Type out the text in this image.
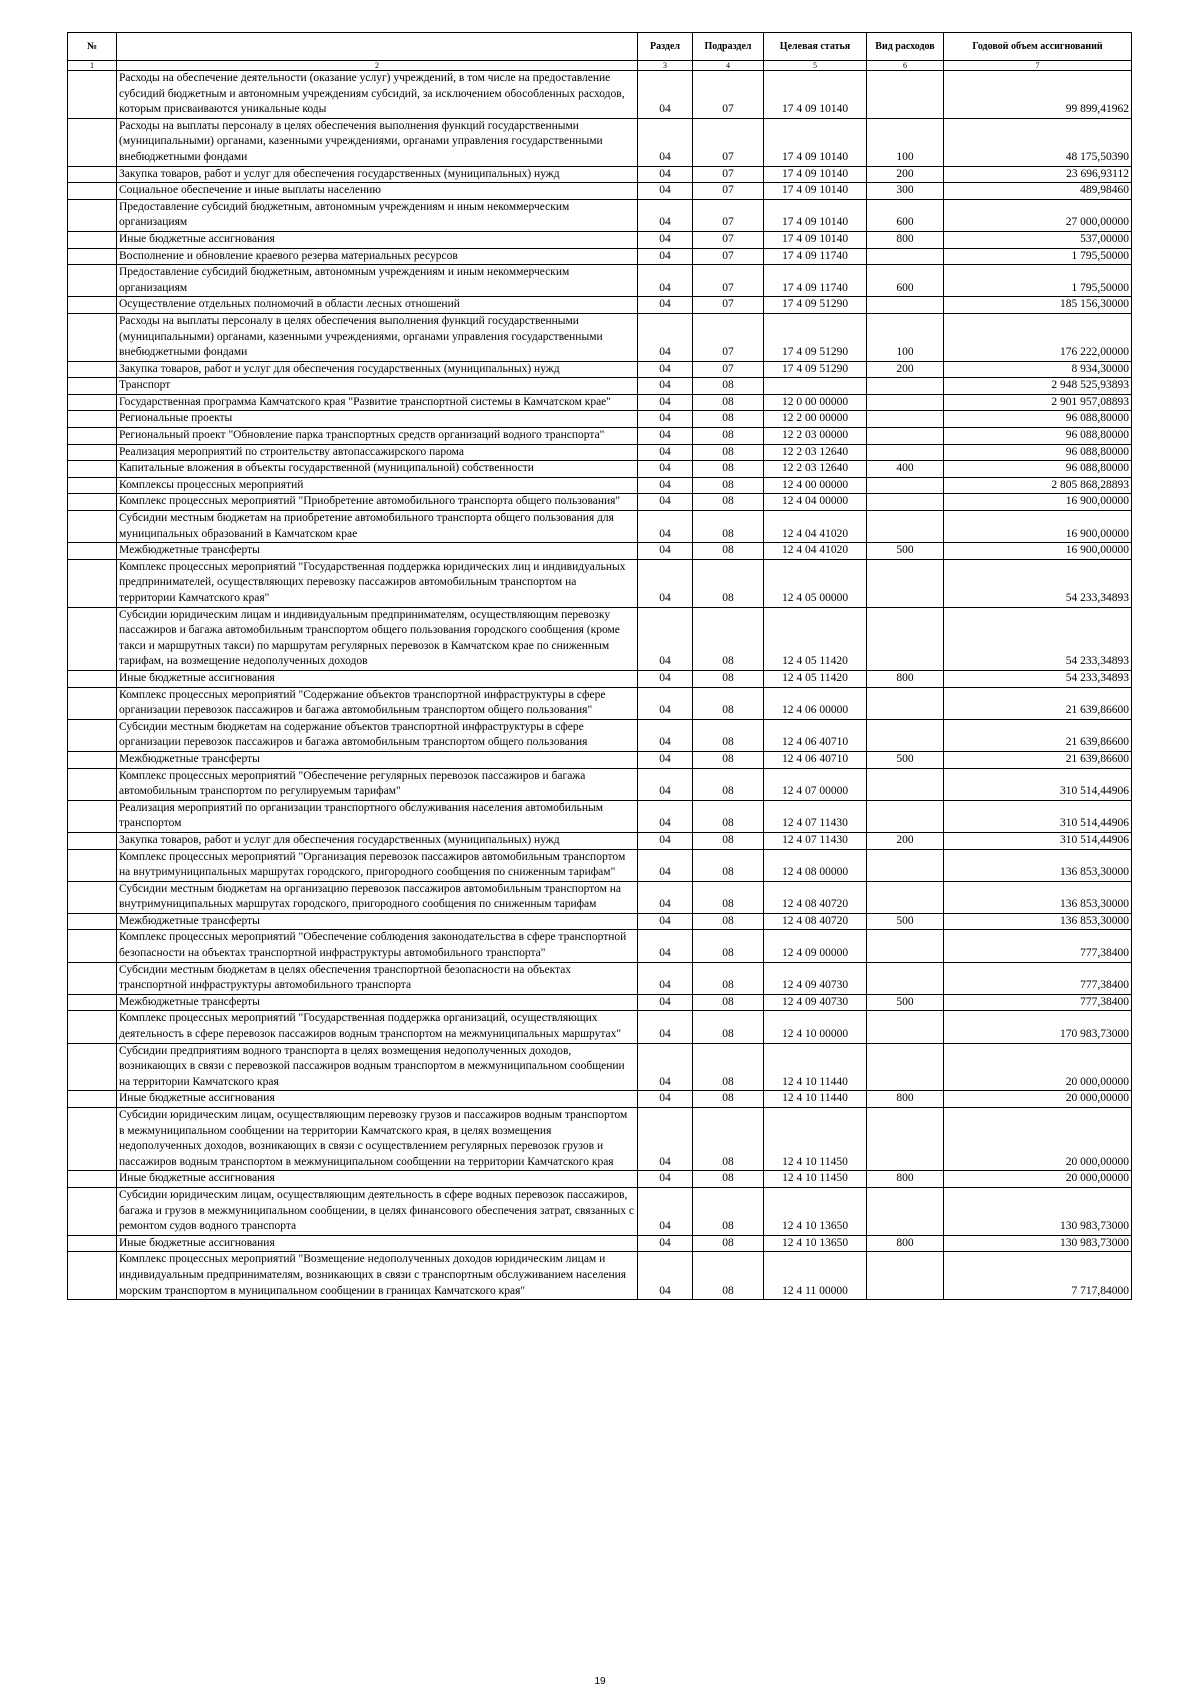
№		Раздел	Подраздел	Целевая статья	Вид расходов	Годовой объем ассигнований
1	2	3	4	5	6	7
	Расходы на обеспечение деятельности (оказание услуг) учреждений, в том числе на предоставление субсидий бюджетным и автономным учреждениям субсидий, за исключением обособленных расходов, которым присваиваются уникальные коды	04	07	17 4 09 10140		99 899,41962
	Расходы на выплаты персоналу в целях обеспечения выполнения функций государственными (муниципальными) органами, казенными учреждениями, органами управления государственными внебюджетными фондами	04	07	17 4 09 10140	100	48 175,50390
	Закупка товаров, работ и услуг для обеспечения государственных (муниципальных) нужд	04	07	17 4 09 10140	200	23 696,93112
	Социальное обеспечение и иные выплаты населению	04	07	17 4 09 10140	300	489,98460
	Предоставление субсидий бюджетным, автономным учреждениям и иным некоммерческим организациям	04	07	17 4 09 10140	600	27 000,00000
	Иные бюджетные ассигнования	04	07	17 4 09 10140	800	537,00000
	Восполнение и обновление краевого резерва материальных ресурсов	04	07	17 4 09 11740		1 795,50000
	Предоставление субсидий бюджетным, автономным учреждениям и иным некоммерческим организациям	04	07	17 4 09 11740	600	1 795,50000
	Осуществление отдельных полномочий в области лесных отношений	04	07	17 4 09 51290		185 156,30000
	Расходы на выплаты персоналу в целях обеспечения выполнения функций государственными (муниципальными) органами, казенными учреждениями, органами управления государственными внебюджетными фондами	04	07	17 4 09 51290	100	176 222,00000
	Закупка товаров, работ и услуг для обеспечения государственных (муниципальных) нужд	04	07	17 4 09 51290	200	8 934,30000
	Транспорт	04	08			2 948 525,93893
	Государственная программа Камчатского края "Развитие транспортной системы в Камчатском крае"	04	08	12 0 00 00000		2 901 957,08893
	Региональные проекты	04	08	12 2 00 00000		96 088,80000
	Региональный проект "Обновление парка транспортных средств организаций водного транспорта"	04	08	12 2 03 00000		96 088,80000
	Реализация мероприятий по строительству автопассажирского парома	04	08	12 2 03 12640		96 088,80000
	Капитальные вложения в объекты государственной (муниципальной) собственности	04	08	12 2 03 12640	400	96 088,80000
	Комплексы процессных мероприятий	04	08	12 4 00 00000		2 805 868,28893
	Комплекс процессных мероприятий "Приобретение автомобильного транспорта общего пользования"	04	08	12 4 04 00000		16 900,00000
	Субсидии местным бюджетам на приобретение автомобильного транспорта общего пользования для муниципальных образований в Камчатском крае	04	08	12 4 04 41020		16 900,00000
	Межбюджетные трансферты	04	08	12 4 04 41020	500	16 900,00000
	Комплекс процессных мероприятий "Государственная поддержка юридических лиц и индивидуальных предпринимателей, осуществляющих перевозку пассажиров автомобильным транспортом на территории Камчатского края"	04	08	12 4 05 00000		54 233,34893
	Субсидии юридическим лицам и индивидуальным предпринимателям, осуществляющим перевозку пассажиров и багажа автомобильным транспортом общего пользования городского сообщения (кроме такси и маршрутных такси) по маршрутам регулярных перевозок в Камчатском крае по сниженным тарифам, на возмещение недополученных доходов	04	08	12 4 05 11420		54 233,34893
	Иные бюджетные ассигнования	04	08	12 4 05 11420	800	54 233,34893
	Комплекс процессных мероприятий "Содержание объектов транспортной инфраструктуры в сфере организации перевозок пассажиров и багажа автомобильным транспортом общего пользования"	04	08	12 4 06 00000		21 639,86600
	Субсидии местным бюджетам на содержание объектов транспортной инфраструктуры в сфере организации перевозок пассажиров и багажа автомобильным транспортом общего пользования	04	08	12 4 06 40710		21 639,86600
	Межбюджетные трансферты	04	08	12 4 06 40710	500	21 639,86600
	Комплекс процессных мероприятий "Обеспечение регулярных перевозок пассажиров и багажа автомобильным транспортом по регулируемым тарифам"	04	08	12 4 07 00000		310 514,44906
	Реализация мероприятий по организации транспортного обслуживания населения автомобильным транспортом	04	08	12 4 07 11430		310 514,44906
	Закупка товаров, работ и услуг для обеспечения государственных (муниципальных) нужд	04	08	12 4 07 11430	200	310 514,44906
	Комплекс процессных мероприятий "Организация перевозок пассажиров автомобильным транспортом на внутримуниципальных маршрутах городского, пригородного сообщения по сниженным тарифам"	04	08	12 4 08 00000		136 853,30000
	Субсидии местным бюджетам на организацию перевозок пассажиров автомобильным транспортом на внутримуниципальных маршрутах городского, пригородного сообщения по сниженным тарифам	04	08	12 4 08 40720		136 853,30000
	Межбюджетные трансферты	04	08	12 4 08 40720	500	136 853,30000
	Комплекс процессных мероприятий "Обеспечение соблюдения законодательства в сфере транспортной безопасности на объектах транспортной инфраструктуры автомобильного транспорта"	04	08	12 4 09 00000		777,38400
	Субсидии местным бюджетам в целях обеспечения транспортной безопасности на объектах транспортной инфраструктуры автомобильного транспорта	04	08	12 4 09 40730		777,38400
	Межбюджетные трансферты	04	08	12 4 09 40730	500	777,38400
	Комплекс процессных мероприятий "Государственная поддержка организаций, осуществляющих деятельность в сфере перевозок пассажиров водным транспортом на межмуниципальных маршрутах"	04	08	12 4 10 00000		170 983,73000
	Субсидии предприятиям водного транспорта в целях возмещения недополученных доходов, возникающих в связи с перевозкой пассажиров водным транспортом в межмуниципальном сообщении на территории Камчатского края	04	08	12 4 10 11440		20 000,00000
	Иные бюджетные ассигнования	04	08	12 4 10 11440	800	20 000,00000
	Субсидии юридическим лицам, осуществляющим перевозку грузов и пассажиров водным транспортом в межмуниципальном сообщении на территории Камчатского края, в целях возмещения недополученных доходов, возникающих в связи с осуществлением регулярных перевозок грузов и пассажиров водным транспортом в межмуниципальном сообщении на территории Камчатского края	04	08	12 4 10 11450		20 000,00000
	Иные бюджетные ассигнования	04	08	12 4 10 11450	800	20 000,00000
	Субсидии юридическим лицам, осуществляющим деятельность в сфере водных перевозок пассажиров, багажа и грузов в межмуниципальном сообщении, в целях финансового обеспечения затрат, связанных с ремонтом судов водного транспорта	04	08	12 4 10 13650		130 983,73000
	Иные бюджетные ассигнования	04	08	12 4 10 13650	800	130 983,73000
	Комплекс процессных мероприятий "Возмещение недополученных доходов юридическим лицам и индивидуальным предпринимателям, возникающих в связи с транспортным обслуживанием населения морским транспортом в муниципальном сообщении в границах Камчатского края"	04	08	12 4 11 00000		7 717,84000
19
